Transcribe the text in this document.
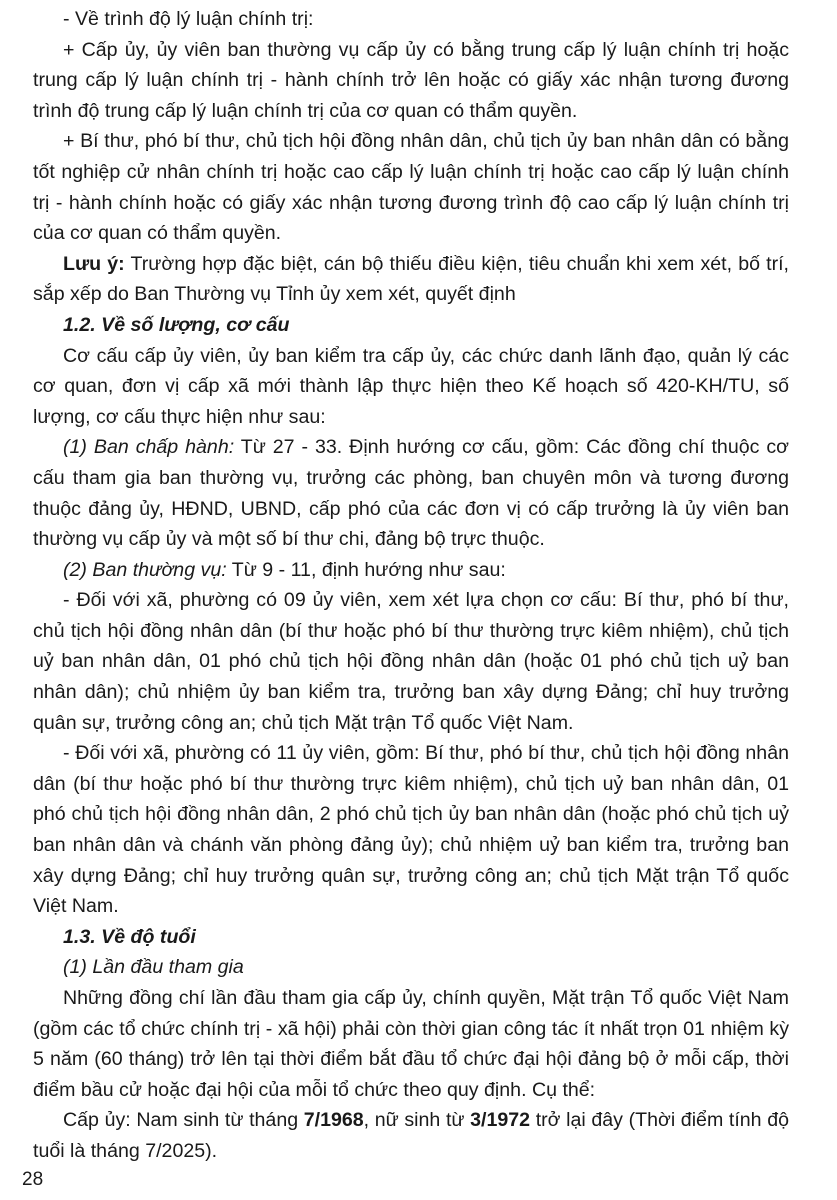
- Về trình độ lý luận chính trị:

+ Cấp ủy, ủy viên ban thường vụ cấp ủy có bằng trung cấp lý luận chính trị hoặc trung cấp lý luận chính trị - hành chính trở lên hoặc có giấy xác nhận tương đương trình độ trung cấp lý luận chính trị của cơ quan có thẩm quyền.

+ Bí thư, phó bí thư, chủ tịch hội đồng nhân dân, chủ tịch ủy ban nhân dân có bằng tốt nghiệp cử nhân chính trị hoặc cao cấp lý luận chính trị hoặc cao cấp lý luận chính trị - hành chính hoặc có giấy xác nhận tương đương trình độ cao cấp lý luận chính trị của cơ quan có thẩm quyền.

Lưu ý: Trường hợp đặc biệt, cán bộ thiếu điều kiện, tiêu chuẩn khi xem xét, bố trí, sắp xếp do Ban Thường vụ Tỉnh ủy xem xét, quyết định

1.2. Về số lượng, cơ cấu

Cơ cấu cấp ủy viên, ủy ban kiểm tra cấp ủy, các chức danh lãnh đạo, quản lý các cơ quan, đơn vị cấp xã mới thành lập thực hiện theo Kế hoạch số 420-KH/TU, số lượng, cơ cấu thực hiện như sau:

(1) Ban chấp hành: Từ 27 - 33. Định hướng cơ cấu, gồm: Các đồng chí thuộc cơ cấu tham gia ban thường vụ, trưởng các phòng, ban chuyên môn và tương đương thuộc đảng ủy, HĐND, UBND, cấp phó của các đơn vị có cấp trưởng là ủy viên ban thường vụ cấp ủy và một số bí thư chi, đảng bộ trực thuộc.

(2) Ban thường vụ: Từ 9 - 11, định hướng như sau:

- Đối với xã, phường có 09 ủy viên, xem xét lựa chọn cơ cấu: Bí thư, phó bí thư, chủ tịch hội đồng nhân dân (bí thư hoặc phó bí thư thường trực kiêm nhiệm), chủ tịch uỷ ban nhân dân, 01 phó chủ tịch hội đồng nhân dân (hoặc 01 phó chủ tịch uỷ ban nhân dân); chủ nhiệm ủy ban kiểm tra, trưởng ban xây dựng Đảng; chỉ huy trưởng quân sự, trưởng công an; chủ tịch Mặt trận Tổ quốc Việt Nam.

- Đối với xã, phường có 11 ủy viên, gồm: Bí thư, phó bí thư, chủ tịch hội đồng nhân dân (bí thư hoặc phó bí thư thường trực kiêm nhiệm), chủ tịch uỷ ban nhân dân, 01 phó chủ tịch hội đồng nhân dân, 2 phó chủ tịch ủy ban nhân dân (hoặc phó chủ tịch uỷ ban nhân dân và chánh văn phòng đảng ủy); chủ nhiệm uỷ ban kiểm tra, trưởng ban xây dựng Đảng; chỉ huy trưởng quân sự, trưởng công an; chủ tịch Mặt trận Tổ quốc Việt Nam.

1.3. Về độ tuổi

(1) Lần đầu tham gia

Những đồng chí lần đầu tham gia cấp ủy, chính quyền, Mặt trận Tổ quốc Việt Nam (gồm các tổ chức chính trị - xã hội) phải còn thời gian công tác ít nhất trọn 01 nhiệm kỳ 5 năm (60 tháng) trở lên tại thời điểm bắt đầu tổ chức đại hội đảng bộ ở mỗi cấp, thời điểm bầu cử hoặc đại hội của mỗi tổ chức theo quy định. Cụ thể:

Cấp ủy: Nam sinh từ tháng 7/1968, nữ sinh từ 3/1972 trở lại đây (Thời điểm tính độ tuổi là tháng 7/2025).

28
